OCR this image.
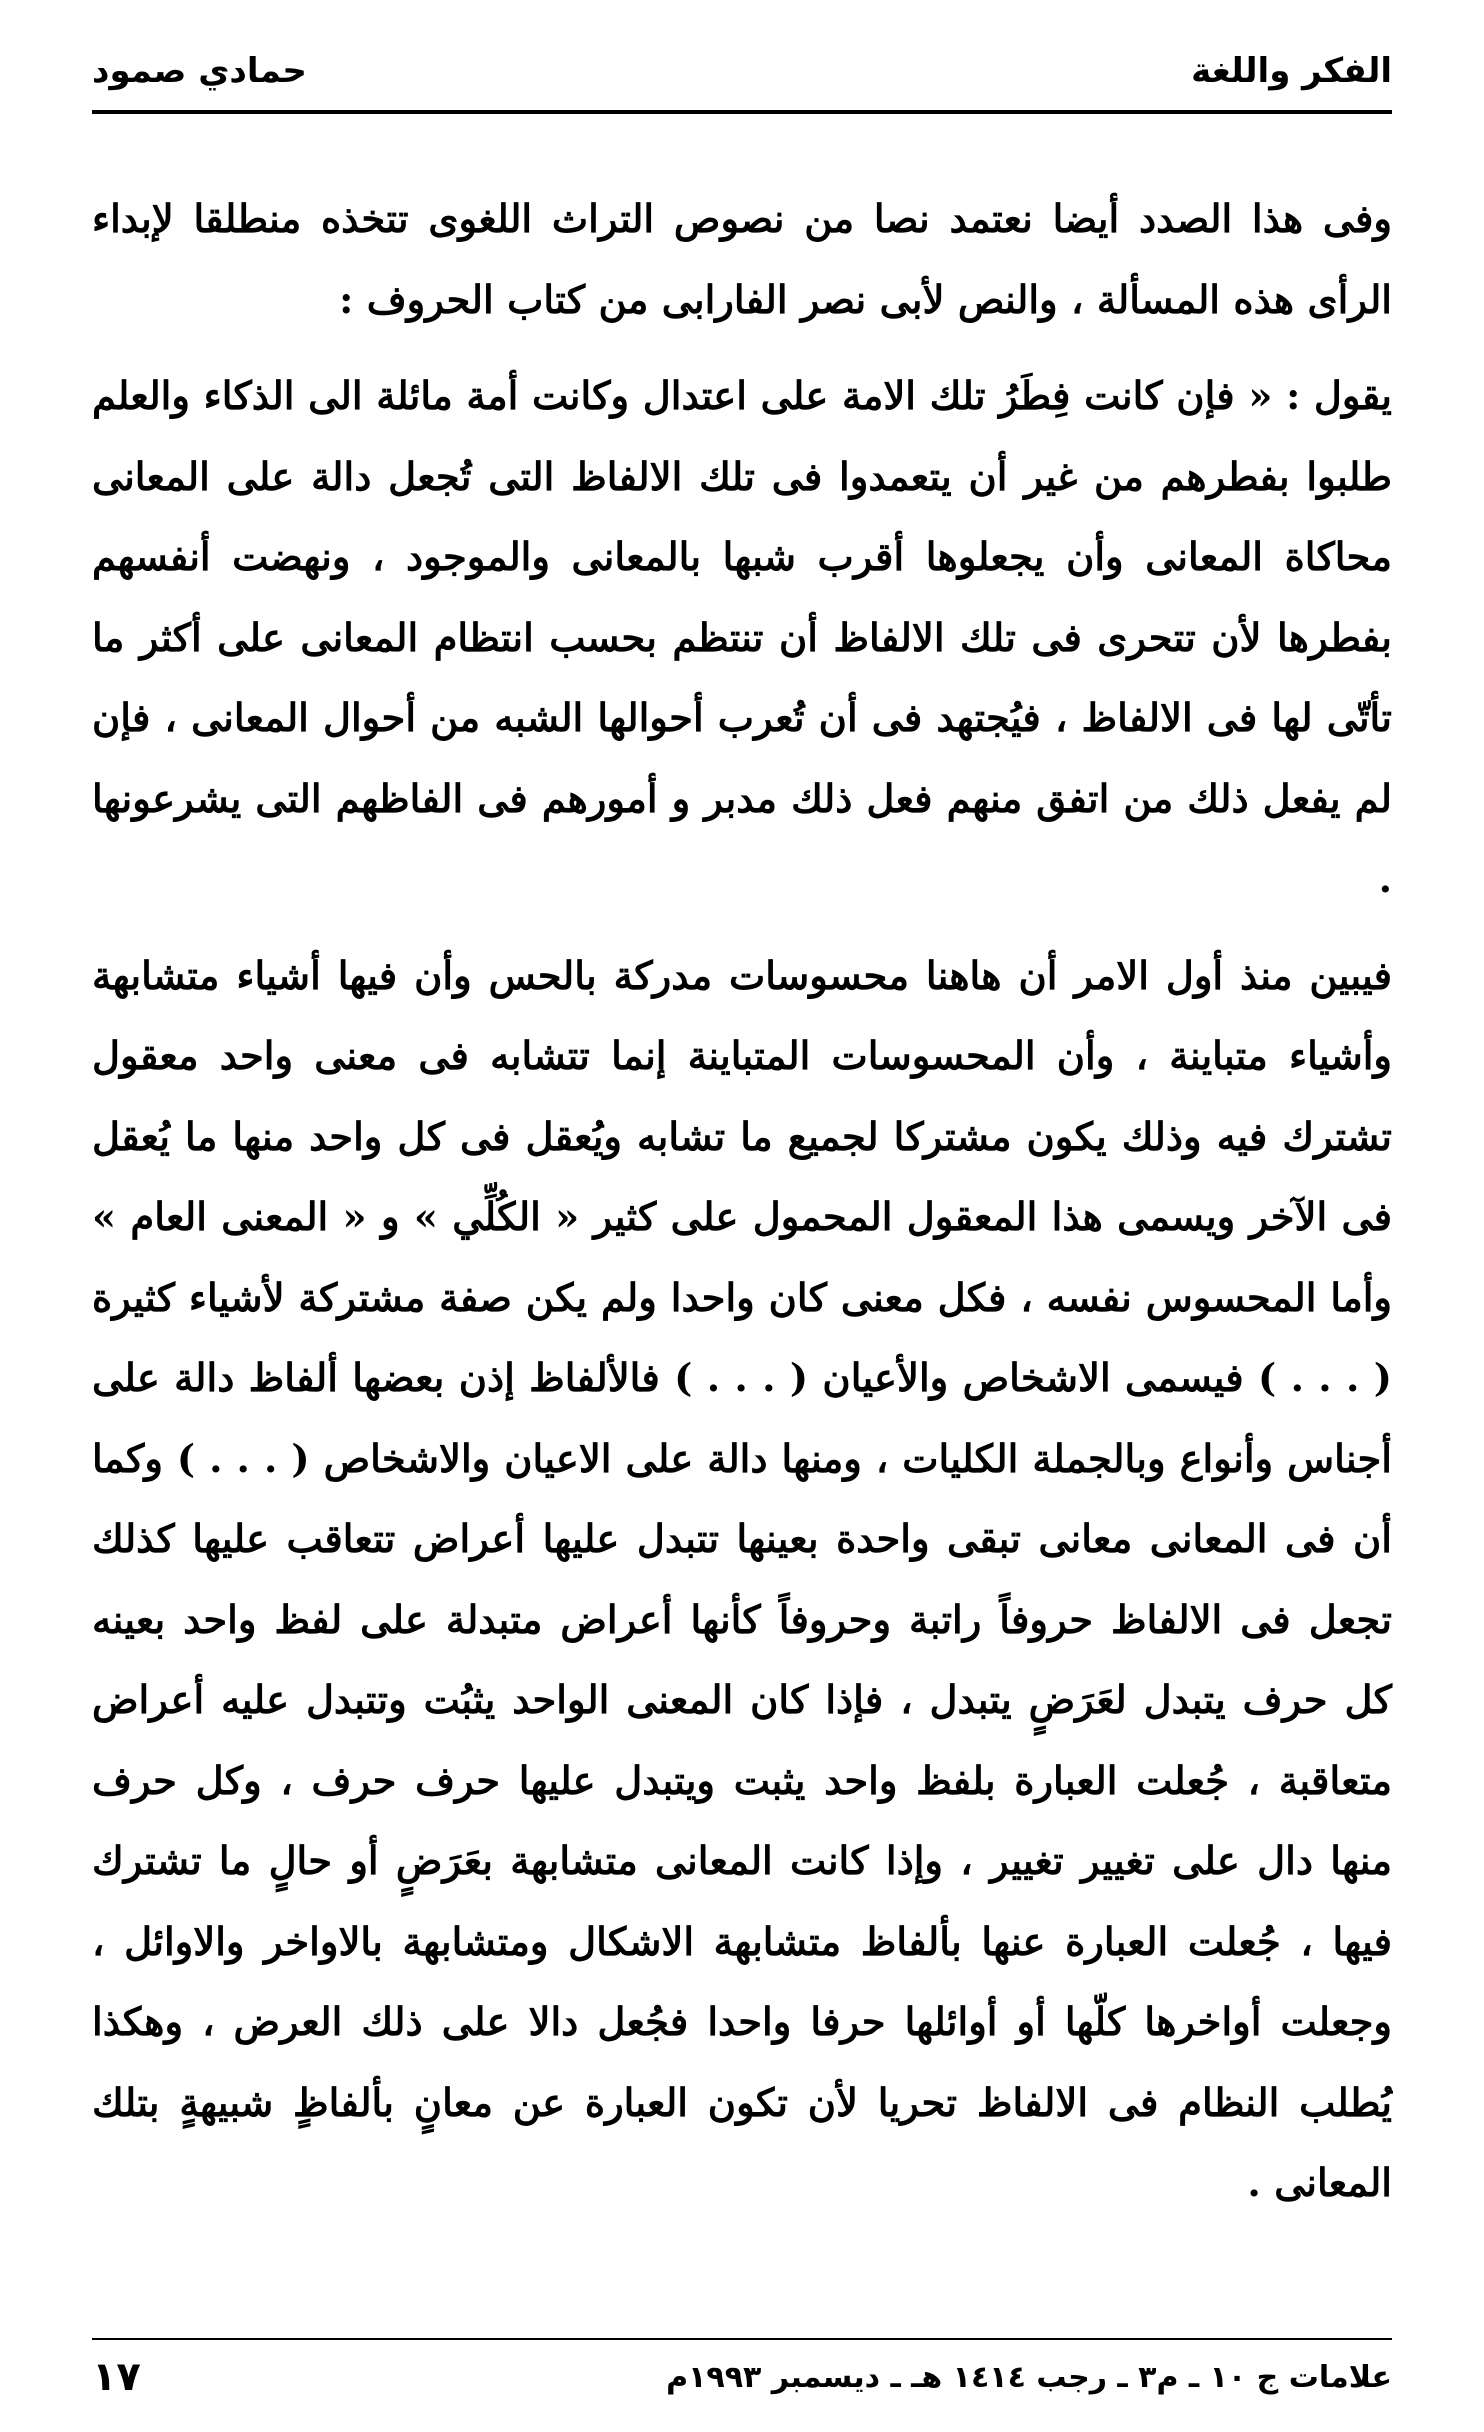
الفكر واللغة
حمادي صمود

وفى هذا الصدد أيضا نعتمد نصا من نصوص التراث اللغوى تتخذه منطلقا لإبداء الرأى هذه المسألة ، والنص لأبى نصر الفارابى من كتاب الحروف :

يقول : « فإن كانت فِطَرُ تلك الامة على اعتدال وكانت أمة مائلة الى الذكاء والعلم طلبوا بفطرهم من غير أن يتعمدوا فى تلك الالفاظ التى تُجعل دالة على المعانى محاكاة المعانى وأن يجعلوها أقرب شبها بالمعانى والموجود ، ونهضت أنفسهم بفطرها لأن تتحرى فى تلك الالفاظ أن تنتظم بحسب انتظام المعانى على أكثر ما تأتّى لها فى الالفاظ ، فيُجتهد فى أن تُعرب أحوالها الشبه من أحوال المعانى ، فإن لم يفعل ذلك من اتفق منهم فعل ذلك مدبر و أمورهم فى الفاظهم التى يشرعونها .

فيبين منذ أول الامر أن هاهنا محسوسات مدركة بالحس وأن فيها أشياء متشابهة وأشياء متباينة ، وأن المحسوسات المتباينة إنما تتشابه فى معنى واحد معقول تشترك فيه وذلك يكون مشتركا لجميع ما تشابه ويُعقل فى كل واحد منها ما يُعقل فى الآخر ويسمى هذا المعقول المحمول على كثير « الكُلِّي » و « المعنى العام » وأما المحسوس نفسه ، فكل معنى كان واحدا ولم يكن صفة مشتركة لأشياء كثيرة ( . . . ) فيسمى الاشخاص والأعيان ( . . . ) فالألفاظ إذن بعضها ألفاظ دالة على أجناس وأنواع وبالجملة الكليات ، ومنها دالة على الاعيان والاشخاص ( . . . ) وكما أن فى المعانى معانى تبقى واحدة بعينها تتبدل عليها أعراض تتعاقب عليها كذلك تجعل فى الالفاظ حروفاً راتبة وحروفاً كأنها أعراض متبدلة على لفظ واحد بعينه كل حرف يتبدل لعَرَضٍ يتبدل ، فإذا كان المعنى الواحد يثبُت وتتبدل عليه أعراض متعاقبة ، جُعلت العبارة بلفظ واحد يثبت ويتبدل عليها حرف حرف ، وكل حرف منها دال على تغيير تغيير ، وإذا كانت المعانى متشابهة بعَرَضٍ أو حالٍ ما تشترك فيها ، جُعلت العبارة عنها بألفاظ متشابهة الاشكال ومتشابهة بالاواخر والاوائل ، وجعلت أواخرها كلّها أو أوائلها حرفا واحدا فجُعل دالا على ذلك العرض ، وهكذا يُطلب النظام فى الالفاظ تحريا لأن تكون العبارة عن معانٍ بألفاظٍ شبيهةٍ بتلك المعانى .

علامات ج ١٠ ـ م٣ ـ رجب ١٤١٤ هـ ـ ديسمبر ١٩٩٣م
١٧
